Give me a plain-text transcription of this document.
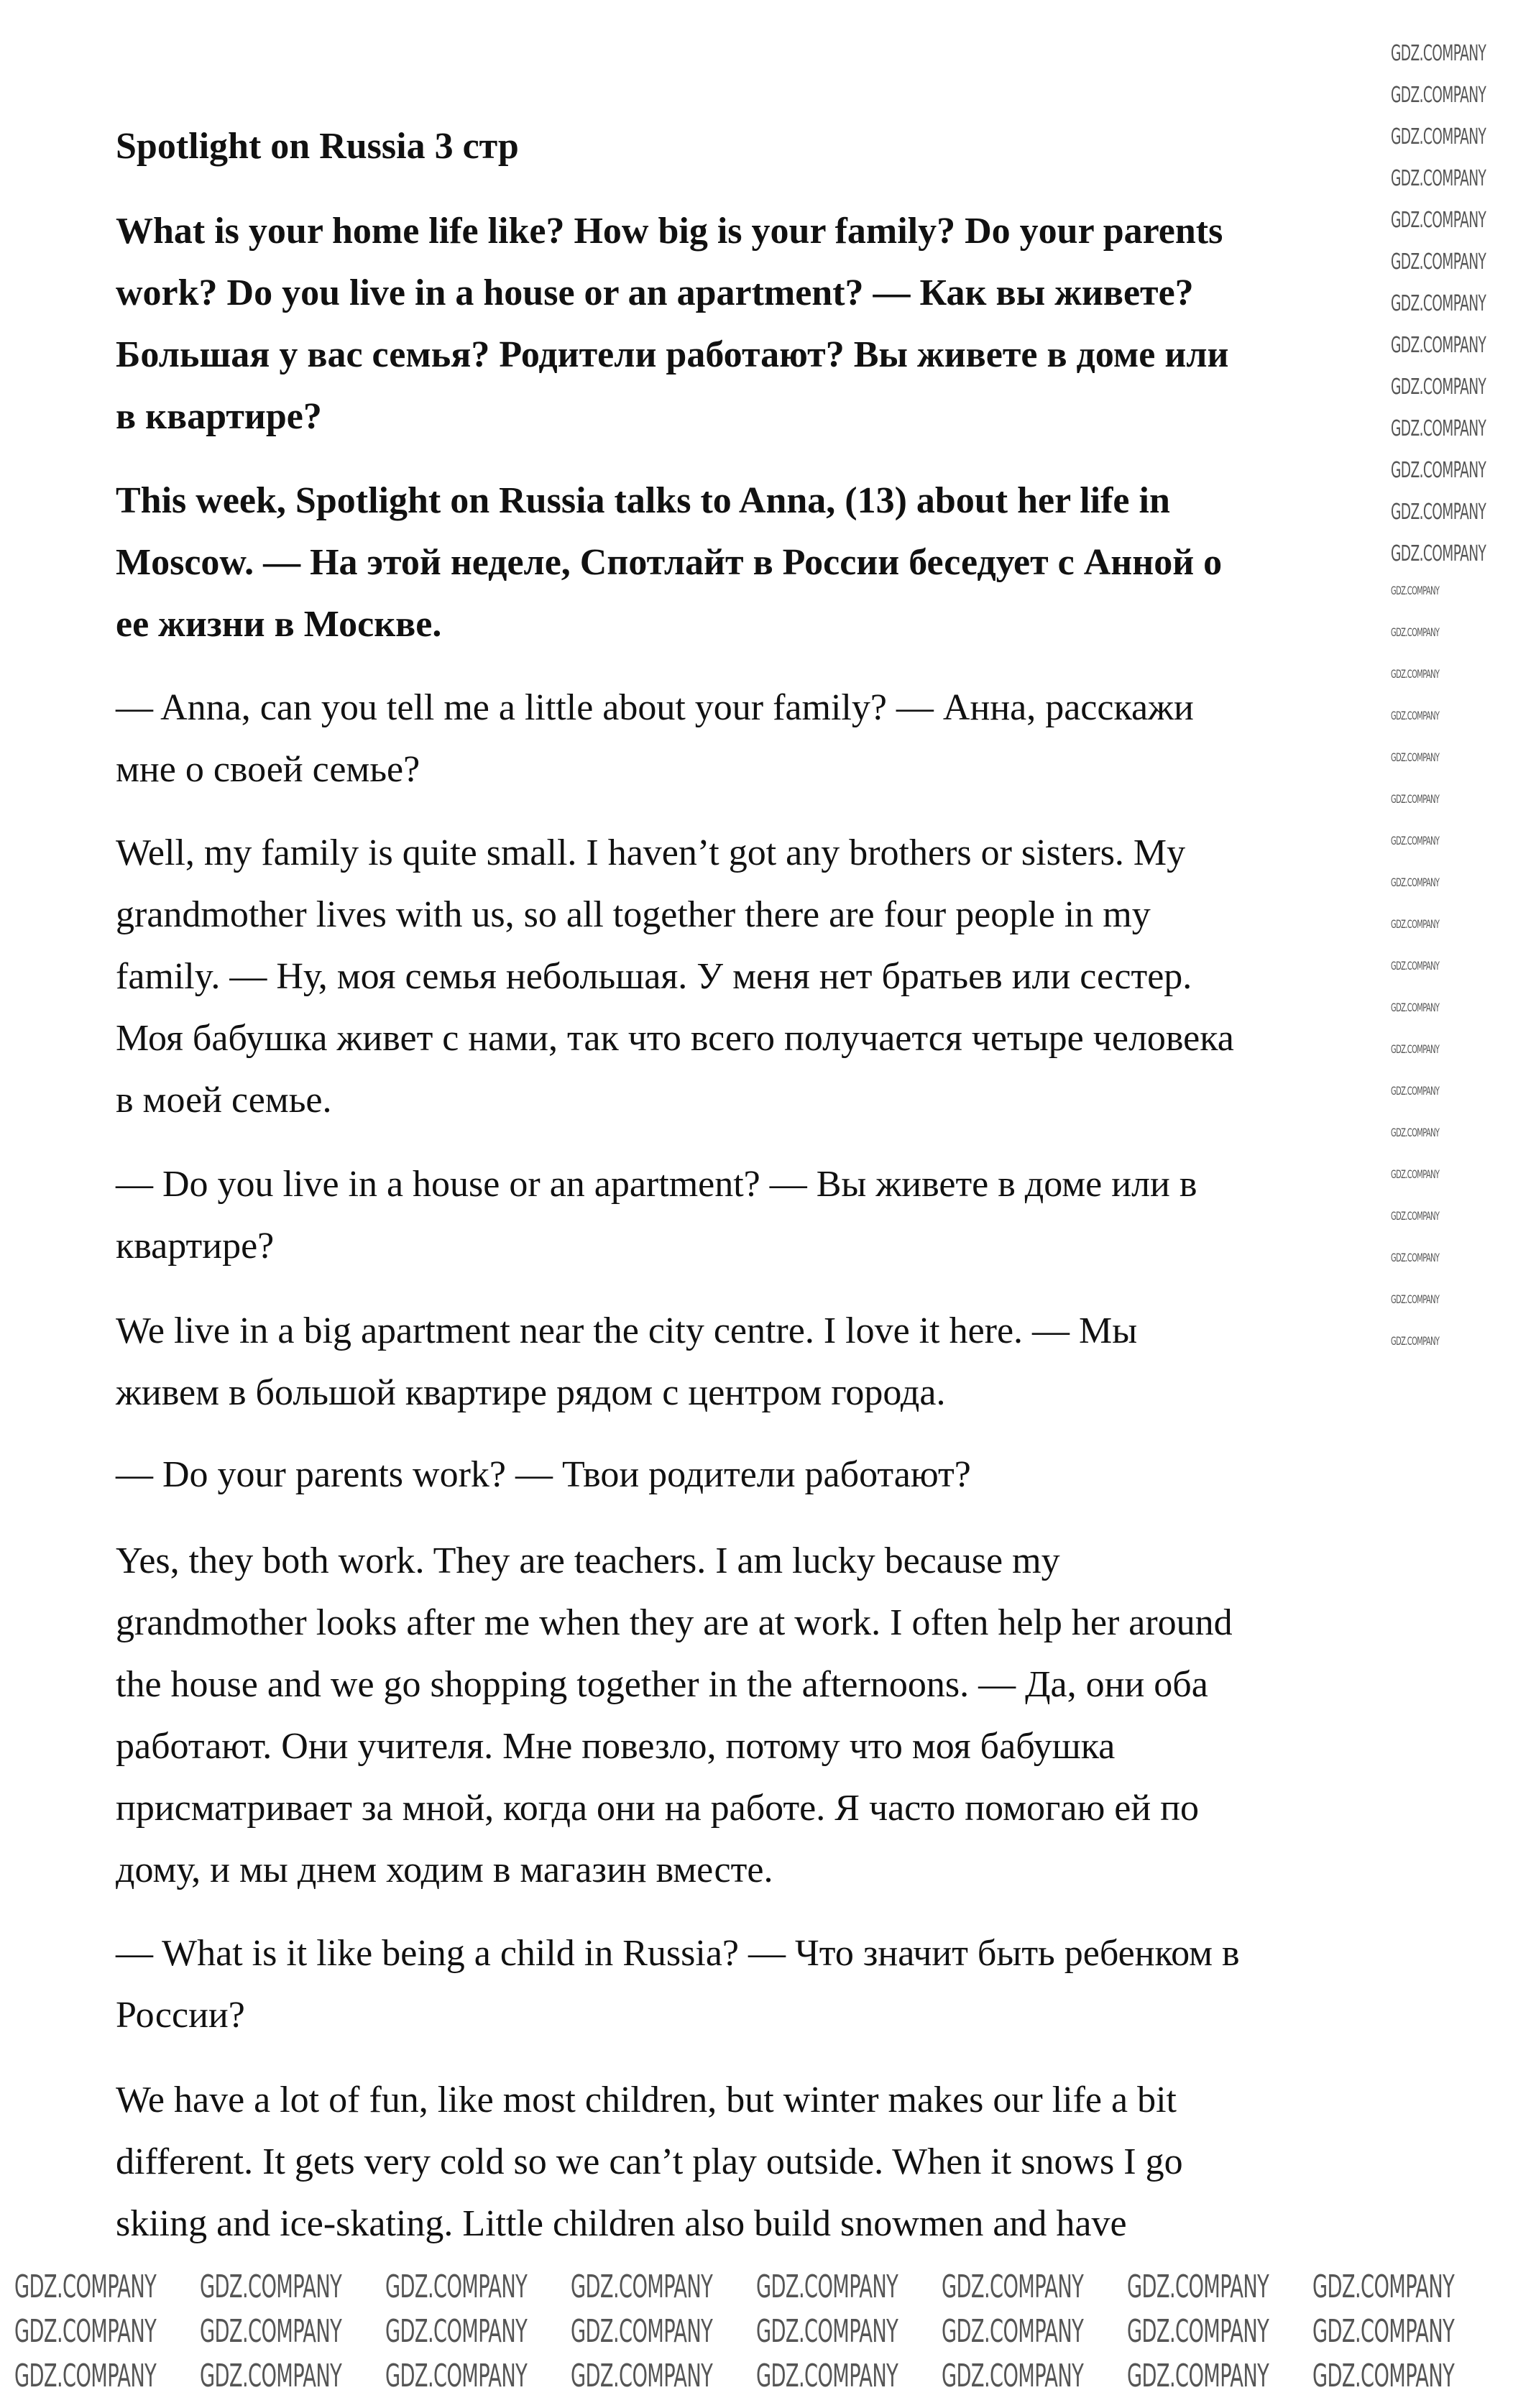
Spotlight on Russia 3 стр
What is your home life like? How big is your family? Do your parents
work? Do you live in a house or an apartment? — Как вы живете?
Большая у вас семья? Родители работают? Вы живете в доме или
в квартире?
This week, Spotlight on Russia talks to Anna, (13) about her life in
Moscow. — На этой неделе, Спотлайт в России беседует с Анной о
ее жизни в Москве.
— Anna, can you tell me a little about your family? — Анна, расскажи
мне о своей семье?
Well, my family is quite small. I haven’t got any brothers or sisters. My
grandmother lives with us, so all together there are four people in my
family. — Ну, моя семья небольшая. У меня нет братьев или сестер.
Моя бабушка живет с нами, так что всего получается четыре человека
в моей семье.
— Do you live in a house or an apartment? — Вы живете в доме или в
квартире?
We live in a big apartment near the city centre. I love it here. — Мы
живем в большой квартире рядом с центром города.
— Do your parents work? — Твои родители работают?
Yes, they both work. They are teachers. I am lucky because my
grandmother looks after me when they are at work. I often help her around
the house and we go shopping together in the afternoons. — Да, они оба
работают. Они учителя. Мне повезло, потому что моя бабушка
присматривает за мной, когда они на работе. Я часто помогаю ей по
дому, и мы днем ходим в магазин вместе.
— What is it like being a child in Russia? — Что значит быть ребенком в
России?
We have a lot of fun, like most children, but winter makes our life a bit
different. It gets very cold so we can’t play outside. When it snows I go
skiing and ice-skating. Little children also build snowmen and have
GDZ.COMPANY GDZ.COMPANY GDZ.COMPANY GDZ.COMPANY GDZ.COMPANY GDZ.COMPANY GDZ.COMPANY GDZ.COMPANY
GDZ.COMPANY GDZ.COMPANY GDZ.COMPANY GDZ.COMPANY GDZ.COMPANY GDZ.COMPANY GDZ.COMPANY GDZ.COMPANY
GDZ.COMPANY GDZ.COMPANY GDZ.COMPANY GDZ.COMPANY GDZ.COMPANY GDZ.COMPANY GDZ.COMPANY GDZ.COMPANY
GDZ.COMPANY
GDZ.COMPANY
GDZ.COMPANY
GDZ.COMPANY
GDZ.COMPANY
GDZ.COMPANY
GDZ.COMPANY
GDZ.COMPANY
GDZ.COMPANY
GDZ.COMPANY
GDZ.COMPANY
GDZ.COMPANY
GDZ.COMPANY
GDZ.COMPANY
GDZ.COMPANY
GDZ.COMPANY
GDZ.COMPANY
GDZ.COMPANY
GDZ.COMPANY
GDZ.COMPANY
GDZ.COMPANY
GDZ.COMPANY
GDZ.COMPANY
GDZ.COMPANY
GDZ.COMPANY
GDZ.COMPANY
GDZ.COMPANY
GDZ.COMPANY
GDZ.COMPANY
GDZ.COMPANY
GDZ.COMPANY
GDZ.COMPANY
